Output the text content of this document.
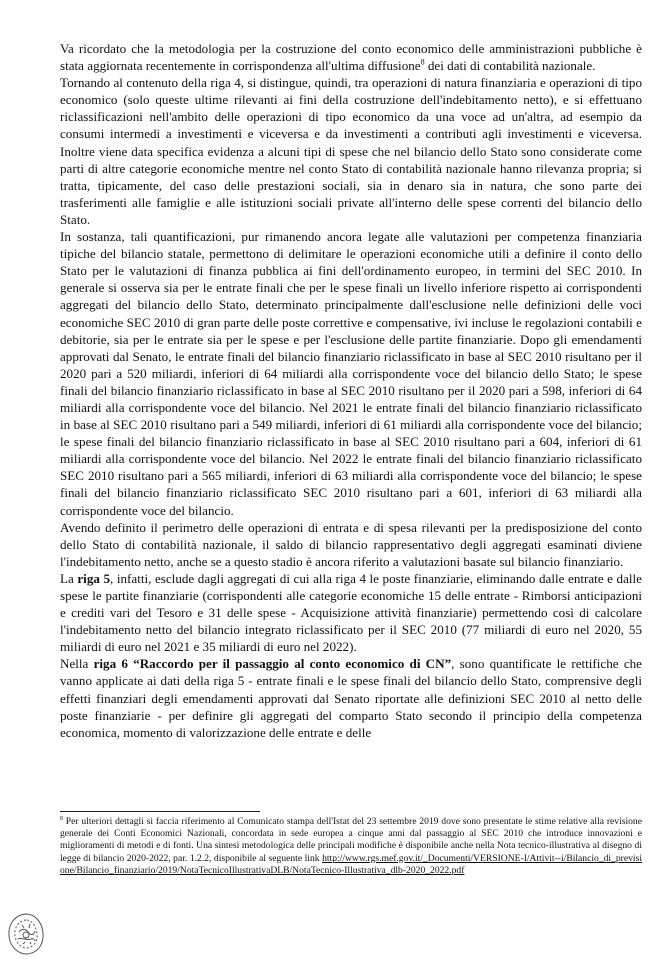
Va ricordato che la metodologia per la costruzione del conto economico delle amministrazioni pubbliche è stata aggiornata recentemente in corrispondenza all'ultima diffusione$^8$ dei dati di contabilità nazionale.

Tornando al contenuto della riga 4, si distingue, quindi, tra operazioni di natura finanziaria e operazioni di tipo economico (solo queste ultime rilevanti ai fini della costruzione dell'indebitamento netto), e si effettuano riclassificazioni nell'ambito delle operazioni di tipo economico da una voce ad un'altra, ad esempio da consumi intermedi a investimenti e viceversa e da investimenti a contributi agli investimenti e viceversa. Inoltre viene data specifica evidenza a alcuni tipi di spese che nel bilancio dello Stato sono considerate come parti di altre categorie economiche mentre nel conto Stato di contabilità nazionale hanno rilevanza propria; si tratta, tipicamente, del caso delle prestazioni sociali, sia in denaro sia in natura, che sono parte dei trasferimenti alle famiglie e alle istituzioni sociali private all'interno delle spese correnti del bilancio dello Stato.

In sostanza, tali quantificazioni, pur rimanendo ancora legate alle valutazioni per competenza finanziaria tipiche del bilancio statale, permettono di delimitare le operazioni economiche utili a definire il conto dello Stato per le valutazioni di finanza pubblica ai fini dell'ordinamento europeo, in termini del SEC 2010. In generale si osserva sia per le entrate finali che per le spese finali un livello inferiore rispetto ai corrispondenti aggregati del bilancio dello Stato, determinato principalmente dall'esclusione nelle definizioni delle voci economiche SEC 2010 di gran parte delle poste correttive e compensative, ivi incluse le regolazioni contabili e debitorie, sia per le entrate sia per le spese e per l'esclusione delle partite finanziarie. Dopo gli emendamenti approvati dal Senato, le entrate finali del bilancio finanziario riclassificato in base al SEC 2010 risultano per il 2020 pari a 520 miliardi, inferiori di 64 miliardi alla corrispondente voce del bilancio dello Stato; le spese finali del bilancio finanziario riclassificato in base al SEC 2010 risultano per il 2020 pari a 598, inferiori di 64 miliardi alla corrispondente voce del bilancio. Nel 2021 le entrate finali del bilancio finanziario riclassificato in base al SEC 2010 risultano pari a 549 miliardi, inferiori di 61 miliardi alla corrispondente voce del bilancio; le spese finali del bilancio finanziario riclassificato in base al SEC 2010 risultano pari a 604, inferiori di 61 miliardi alla corrispondente voce del bilancio. Nel 2022 le entrate finali del bilancio finanziario riclassificato SEC 2010 risultano pari a 565 miliardi, inferiori di 63 miliardi alla corrispondente voce del bilancio; le spese finali del bilancio finanziario riclassificato SEC 2010 risultano pari a 601, inferiori di 63 miliardi alla corrispondente voce del bilancio.

Avendo definito il perimetro delle operazioni di entrata e di spesa rilevanti per la predisposizione del conto dello Stato di contabilità nazionale, il saldo di bilancio rappresentativo degli aggregati esaminati diviene l'indebitamento netto, anche se a questo stadio è ancora riferito a valutazioni basate sul bilancio finanziario.

La riga 5, infatti, esclude dagli aggregati di cui alla riga 4 le poste finanziarie, eliminando dalle entrate e dalle spese le partite finanziarie (corrispondenti alle categorie economiche 15 delle entrate - Rimborsi anticipazioni e crediti vari del Tesoro e 31 delle spese - Acquisizione attività finanziarie) permettendo così di calcolare l'indebitamento netto del bilancio integrato riclassificato per il SEC 2010 (77 miliardi di euro nel 2020, 55 miliardi di euro nel 2021 e 35 miliardi di euro nel 2022).

Nella riga 6 “Raccordo per il passaggio al conto economico di CN”, sono quantificate le rettifiche che vanno applicate ai dati della riga 5 - entrate finali e le spese finali del bilancio dello Stato, comprensive degli effetti finanziari degli emendamenti approvati dal Senato riportate alle definizioni SEC 2010 al netto delle poste finanziarie - per definire gli aggregati del comparto Stato secondo il principio della competenza economica, momento di valorizzazione delle entrate e delle

$^8$ Per ulteriori dettagli si faccia riferimento al Comunicato stampa dell'Istat del 23 settembre 2019 dove sono presentate le stime relative alla revisione generale dei Conti Economici Nazionali, concordata in sede europea a cinque anni dal passaggio al SEC 2010 che introduce innovazioni e miglioramenti di metodi e di fonti. Una sintesi metodologica delle principali modifiche è disponibile anche nella Nota tecnico-illustrativa al disegno di legge di bilancio 2020-2022, par. 1.2.2, disponibile al seguente link http://www.rgs.mef.gov.it/_Documenti/VERSIONE-I/Attivit--i/Bilancio_di_previsione/Bilancio_finanziario/2019/NotaTecnicoIllustrativaDLB/NotaTecnico-Illustrativa_dlb-2020_2022.pdf
